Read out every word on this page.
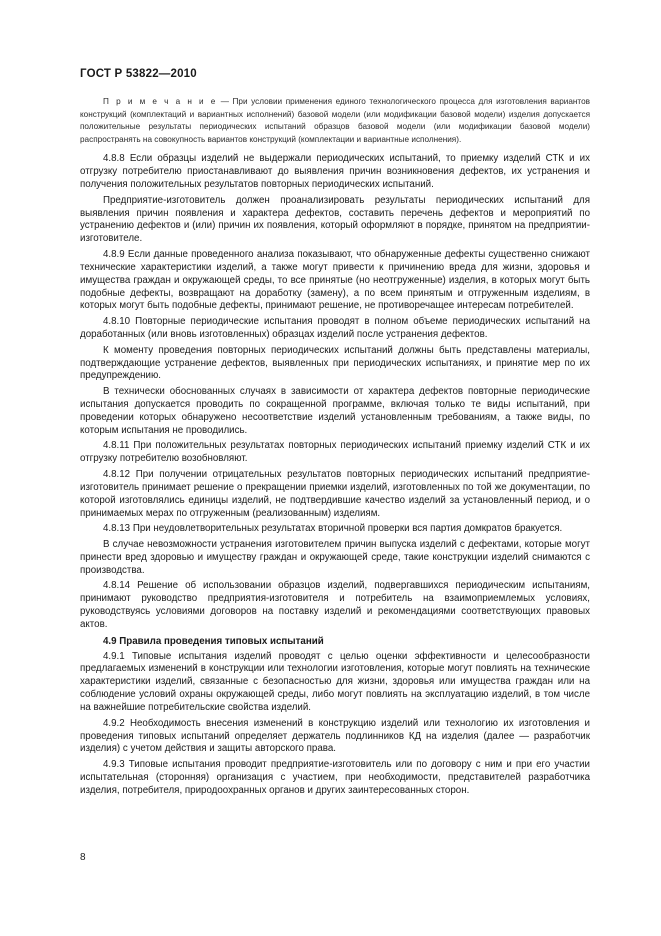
ГОСТ Р 53822—2010

П р и м е ч а н и е — При условии применения единого технологического процесса для изготовления вариантов конструкций (комплектаций и вариантных исполнений) базовой модели (или модификации базовой модели) изделия допускается положительные результаты периодических испытаний образцов базовой модели (или модификации базовой модели) распространять на совокупность вариантов конструкций (комплектации и вариантные исполнения).

4.8.8 Если образцы изделий не выдержали периодических испытаний, то приемку изделий СТК и их отгрузку потребителю приостанавливают до выявления причин возникновения дефектов, их устранения и получения положительных результатов повторных периодических испытаний.

Предприятие-изготовитель должен проанализировать результаты периодических испытаний для выявления причин появления и характера дефектов, составить перечень дефектов и мероприятий по устранению дефектов и (или) причин их появления, который оформляют в порядке, принятом на предприятии-изготовителе.

4.8.9 Если данные проведенного анализа показывают, что обнаруженные дефекты существенно снижают технические характеристики изделий, а также могут привести к причинению вреда для жизни, здоровья и имущества граждан и окружающей среды, то все принятые (но неотгруженные) изделия, в которых могут быть подобные дефекты, возвращают на доработку (замену), а по всем принятым и отгруженным изделиям, в которых могут быть подобные дефекты, принимают решение, не противоречащее интересам потребителей.

4.8.10 Повторные периодические испытания проводят в полном объеме периодических испытаний на доработанных (или вновь изготовленных) образцах изделий после устранения дефектов.

К моменту проведения повторных периодических испытаний должны быть представлены материалы, подтверждающие устранение дефектов, выявленных при периодических испытаниях, и принятие мер по их предупреждению.

В технически обоснованных случаях в зависимости от характера дефектов повторные периодические испытания допускается проводить по сокращенной программе, включая только те виды испытаний, при проведении которых обнаружено несоответствие изделий установленным требованиям, а также виды, по которым испытания не проводились.

4.8.11 При положительных результатах повторных периодических испытаний приемку изделий СТК и их отгрузку потребителю возобновляют.

4.8.12 При получении отрицательных результатов повторных периодических испытаний предприятие-изготовитель принимает решение о прекращении приемки изделий, изготовленных по той же документации, по которой изготовлялись единицы изделий, не подтвердившие качество изделий за установленный период, и о принимаемых мерах по отгруженным (реализованным) изделиям.

4.8.13 При неудовлетворительных результатах вторичной проверки вся партия домкратов бракуется.

В случае невозможности устранения изготовителем причин выпуска изделий с дефектами, которые могут принести вред здоровью и имуществу граждан и окружающей среде, такие конструкции изделий снимаются с производства.

4.8.14 Решение об использовании образцов изделий, подвергавшихся периодическим испытаниям, принимают руководство предприятия-изготовителя и потребитель на взаимоприемлемых условиях, руководствуясь условиями договоров на поставку изделий и рекомендациями соответствующих правовых актов.

4.9 Правила проведения типовых испытаний

4.9.1 Типовые испытания изделий проводят с целью оценки эффективности и целесообразности предлагаемых изменений в конструкции или технологии изготовления, которые могут повлиять на технические характеристики изделий, связанные с безопасностью для жизни, здоровья или имущества граждан или на соблюдение условий охраны окружающей среды, либо могут повлиять на эксплуатацию изделий, в том числе на важнейшие потребительские свойства изделий.

4.9.2 Необходимость внесения изменений в конструкцию изделий или технологию их изготовления и проведения типовых испытаний определяет держатель подлинников КД на изделия (далее — разработчик изделия) с учетом действия и защиты авторского права.

4.9.3 Типовые испытания проводит предприятие-изготовитель или по договору с ним и при его участии испытательная (сторонняя) организация с участием, при необходимости, представителей разработчика изделия, потребителя, природоохранных органов и других заинтересованных сторон.

8
